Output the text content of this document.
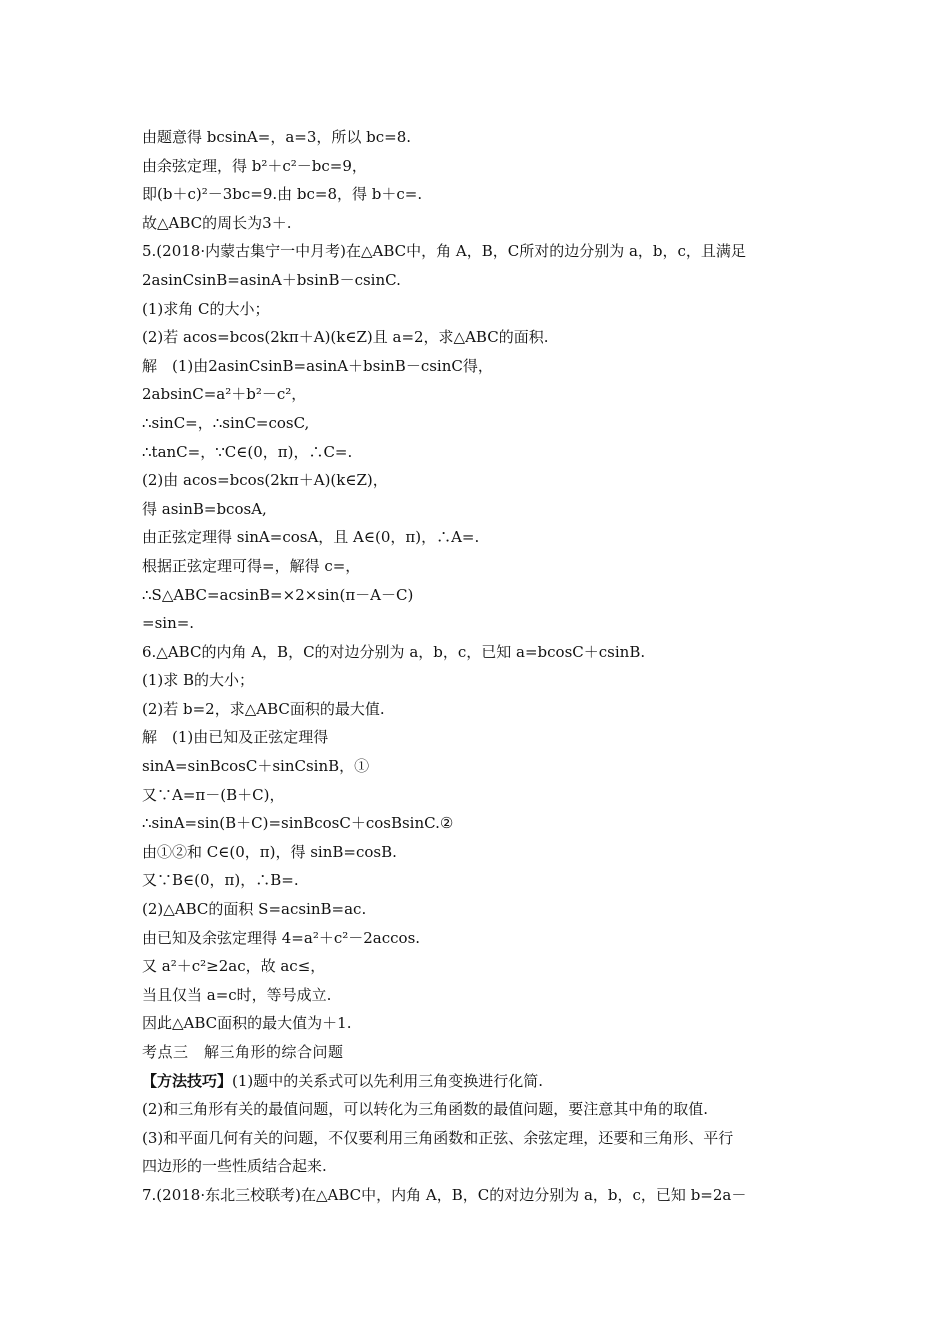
由题意得 bcsinA=，a=3，所以 bc=8.
由余弦定理，得 b²＋c²－bc=9，
即(b＋c)²－3bc=9.由 bc=8，得 b＋c=.
故△ABC的周长为3＋.
5.(2018·内蒙古集宁一中月考)在△ABC中，角 A，B，C所对的边分别为 a，b，c，且满足
2asinCsinB=asinA＋bsinB－csinC.
(1)求角 C的大小；
(2)若 acos=bcos(2kπ＋A)(k∈Z)且 a=2，求△ABC的面积.
解　(1)由2asinCsinB=asinA＋bsinB－csinC得，
2absinC=a²＋b²－c²，
∴sinC=，∴sinC=cosC,
∴tanC=，∵C∈(0，π)，∴C=.
(2)由 acos=bcos(2kπ＋A)(k∈Z)，
得 asinB=bcosA,
由正弦定理得 sinA=cosA，且 A∈(0，π)，∴A=.
根据正弦定理可得=，解得 c=，
∴S△ABC=acsinB=×2×sin(π－A－C)
=sin=.
6.△ABC的内角 A，B，C的对边分别为 a，b，c，已知 a=bcosC＋csinB.
(1)求 B的大小；
(2)若 b=2，求△ABC面积的最大值.
解　(1)由已知及正弦定理得
sinA=sinBcosC＋sinCsinB，①
又∵A=π－(B＋C)，
∴sinA=sin(B＋C)=sinBcosC＋cosBsinC.②
由①②和 C∈(0，π)，得 sinB=cosB.
又∵B∈(0，π)，∴B=.
(2)△ABC的面积 S=acsinB=ac.
由已知及余弦定理得 4=a²＋c²－2accos.
又 a²＋c²≥2ac，故 ac≤，
当且仅当 a=c时，等号成立.
因此△ABC面积的最大值为＋1.
考点三　解三角形的综合问题
【方法技巧】(1)题中的关系式可以先利用三角变换进行化简.
(2)和三角形有关的最值问题，可以转化为三角函数的最值问题，要注意其中角的取值.
(3)和平面几何有关的问题，不仅要利用三角函数和正弦、余弦定理，还要和三角形、平行
四边形的一些性质结合起来.
7.(2018·东北三校联考)在△ABC中，内角 A，B，C的对边分别为 a，b，c，已知 b=2a－
